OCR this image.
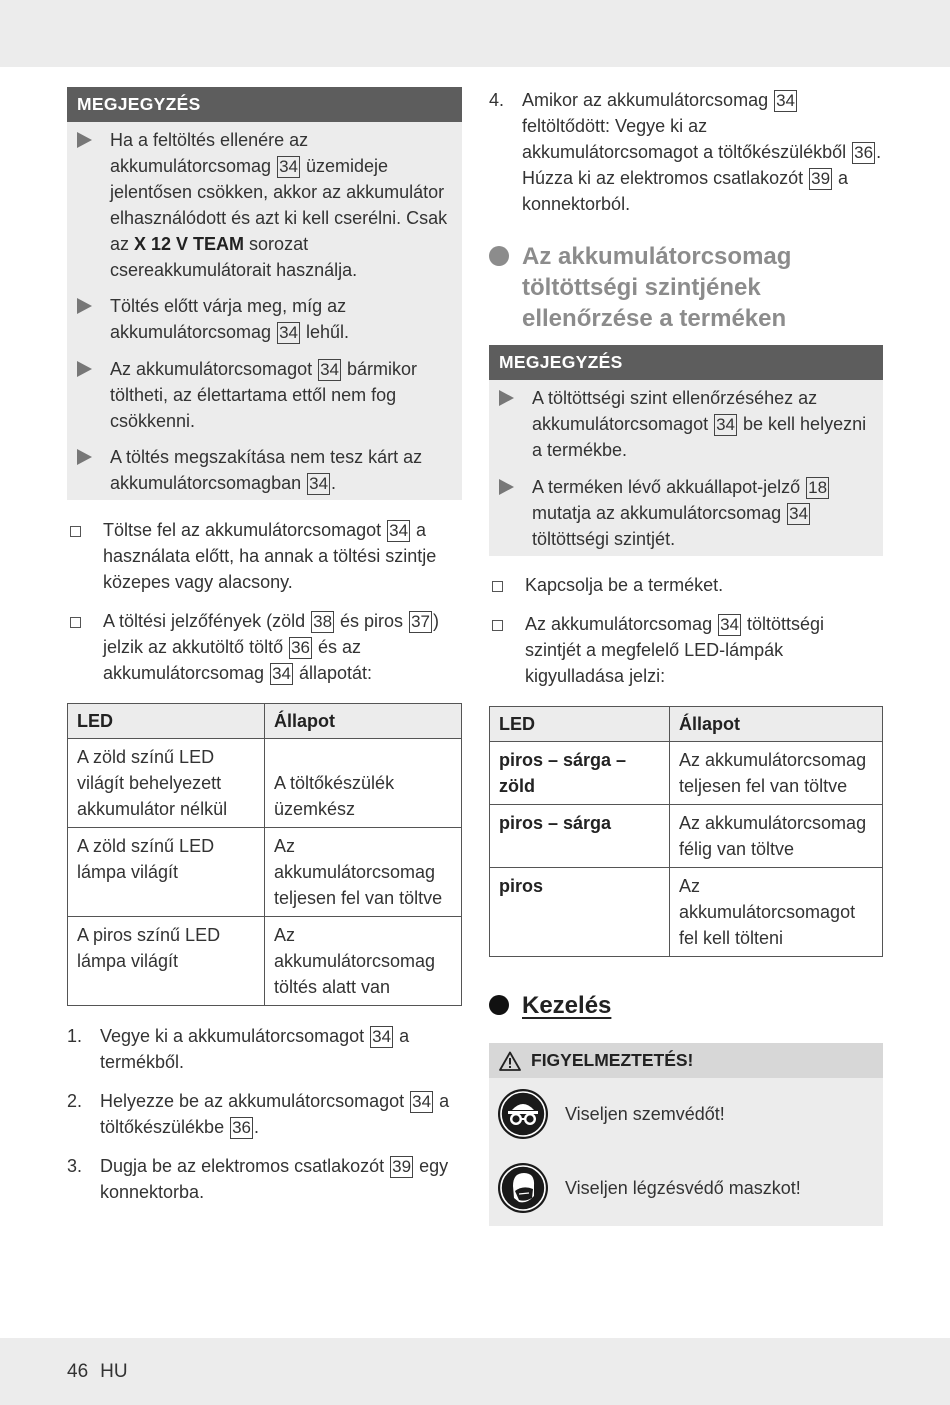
MEGJEGYZÉS
Ha a feltöltés ellenére az akkumulátorcsomag 34 üzemideje jelentősen csökken, akkor az akkumulátor elhasználódott és azt ki kell cserélni. Csak az X 12 V TEAM sorozat csereakkumulátorait használja.
Töltés előtt várja meg, míg az akkumulátorcsomag 34 lehűl.
Az akkumulátorcsomagot 34 bármikor töltheti, az élettartama ettől nem fog csökkenni.
A töltés megszakítása nem tesz kárt az akkumulátorcsomagban 34 .
Töltse fel az akkumulátorcsomagot 34 a használata előtt, ha annak a töltési szintje közepes vagy alacsony.
A töltési jelzőfények (zöld 38 és piros 37 ) jelzik az akkutöltő töltő 36 és az akkumulátorcsomag 34 állapotát:
LED	Állapot
A zöld színű LED világít behelyezett akkumulátor nélkül	A töltőkészülék üzemkész
A zöld színű LED lámpa világít	Az akkumulátorcsomag teljesen fel van töltve
A piros színű LED lámpa világít	Az akkumulátorcsomag töltés alatt van
1. Vegye ki a akkumulátorcsomagot 34 a termékből.
2. Helyezze be az akkumulátorcsomagot 34 a töltőkészülékbe 36 .
3. Dugja be az elektromos csatlakozót 39 egy konnektorba.
4. Amikor az akkumulátorcsomag 34 feltöltődött: Vegye ki az akkumulátorcsomagot a töltőkészülékből 36 . Húzza ki az elektromos csatlakozót 39 a konnektorból.
Az akkumulátorcsomag töltöttségi szintjének ellenőrzése a terméken
MEGJEGYZÉS
A töltöttségi szint ellenőrzéséhez az akkumulátorcsomagot 34 be kell helyezni a termékbe.
A terméken lévő akkuállapot-jelző 18 mutatja az akkumulátorcsomag 34 töltöttségi szintjét.
Kapcsolja be a terméket.
Az akkumulátorcsomag 34 töltöttségi szintjét a megfelelő LED-lámpák kigyulladása jelzi:
LED	Állapot
piros – sárga – zöld	Az akkumulátorcsomag teljesen fel van töltve
piros – sárga	Az akkumulátorcsomag félig van töltve
piros	Az akkumulátorcsomagot fel kell tölteni
Kezelés
FIGYELMEZTETÉS!
Viseljen szemvédőt!
Viseljen légzésvédő maszkot!
46 HU
